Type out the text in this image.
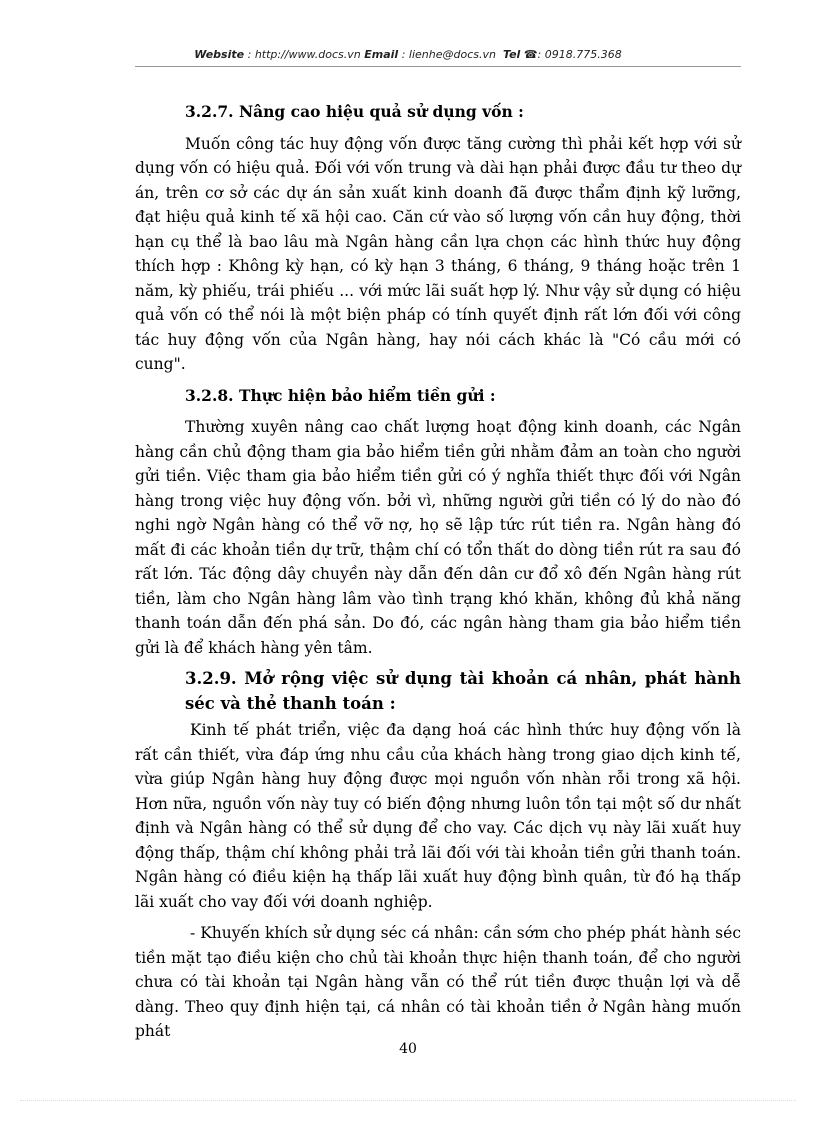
Website : http://www.docs.vn Email : lienhe@docs.vn Tel ☎: 0918.775.368

3.2.7. Nâng cao hiệu quả sử dụng vốn :

Muốn công tác huy động vốn được tăng cường thì phải kết hợp với sử dụng vốn có hiệu quả. Đối với vốn trung và dài hạn phải được đầu tư theo dự án, trên cơ sở các dự án sản xuất kinh doanh đã được thẩm định kỹ lưỡng, đạt hiệu quả kinh tế xã hội cao. Căn cứ vào số lượng vốn cần huy động, thời hạn cụ thể là bao lâu mà Ngân hàng cần lựa chọn các hình thức huy động thích hợp : Không kỳ hạn, có kỳ hạn 3 tháng, 6 tháng, 9 tháng hoặc trên 1 năm, kỳ phiếu, trái phiếu ... với mức lãi suất hợp lý. Như vậy sử dụng có hiệu quả vốn có thể nói là một biện pháp có tính quyết định rất lớn đối với công tác huy động vốn của Ngân hàng, hay nói cách khác là "Có cầu mới có cung".

3.2.8. Thực hiện bảo hiểm tiền gửi :

Thường xuyên nâng cao chất lượng hoạt động kinh doanh, các Ngân hàng cần chủ động tham gia bảo hiểm tiền gửi nhằm đảm an toàn cho người gửi tiền. Việc tham gia bảo hiểm tiền gửi có ý nghĩa thiết thực đối với Ngân hàng trong việc huy động vốn. bởi vì, những người gửi tiền có lý do nào đó nghi ngờ Ngân hàng có thể vỡ nợ, họ sẽ lập tức rút tiền ra. Ngân hàng đó mất đi các khoản tiền dự trữ, thậm chí có tổn thất do dòng tiền rút ra sau đó rất lớn. Tác động dây chuyền này dẫn đến dân cư đổ xô đến Ngân hàng rút tiền, làm cho Ngân hàng lâm vào tình trạng khó khăn, không đủ khả năng thanh toán dẫn đến phá sản. Do đó, các ngân hàng tham gia bảo hiểm tiền gửi là để khách hàng yên tâm.

3.2.9. Mở rộng việc sử dụng tài khoản cá nhân, phát hành séc và thẻ thanh toán :

Kinh tế phát triển, việc đa dạng hoá các hình thức huy động vốn là rất cần thiết, vừa đáp ứng nhu cầu của khách hàng trong giao dịch kinh tế, vừa giúp Ngân hàng huy động được mọi nguồn vốn nhàn rỗi trong xã hội. Hơn nữa, nguồn vốn này tuy có biến động nhưng luôn tồn tại một số dư nhất định và Ngân hàng có thể sử dụng để cho vay. Các dịch vụ này lãi xuất huy động thấp, thậm chí không phải trả lãi đối với tài khoản tiền gửi thanh toán. Ngân hàng có điều kiện hạ thấp lãi xuất huy động bình quân, từ đó hạ thấp lãi xuất cho vay đối với doanh nghiệp.

- Khuyến khích sử dụng séc cá nhân: cần sớm cho phép phát hành séc tiền mặt tạo điều kiện cho chủ tài khoản thực hiện thanh toán, để cho người chưa có tài khoản tại Ngân hàng vẫn có thể rút tiền được thuận lợi và dễ dàng. Theo quy định hiện tại, cá nhân có tài khoản tiền ở Ngân hàng muốn phát

40
